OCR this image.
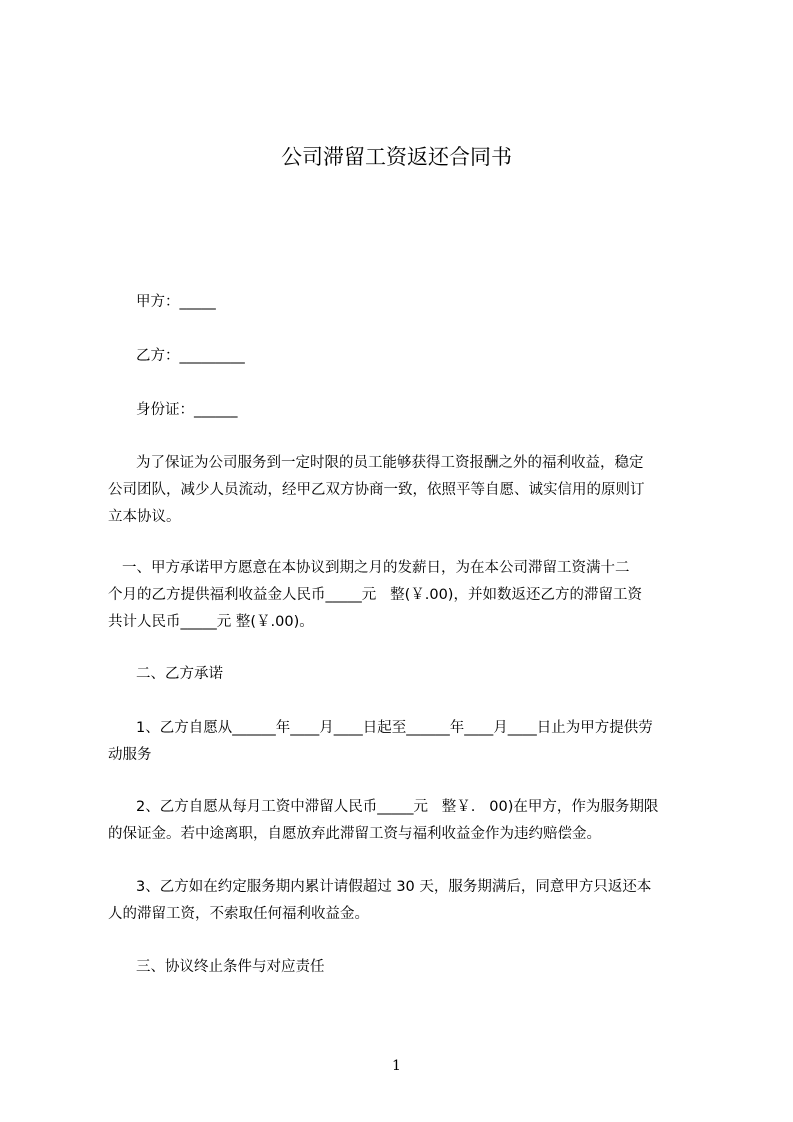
公司滞留工资返还合同书
甲方：_____
乙方：_________
身份证：______
为了保证为公司服务到一定时限的员工能够获得工资报酬之外的福利收益，稳定
公司团队，减少人员流动，经甲乙双方协商一致，依照平等自愿、诚实信用的原则订
立本协议。
一、甲方承诺甲方愿意在本协议到期之月的发薪日，为在本公司滞留工资满十二
个月的乙方提供福利收益金人民币_____元   整(￥.00)，并如数返还乙方的滞留工资
共计人民币_____元 整(￥.00)。
二、乙方承诺
1、乙方自愿从______年____月____日起至______年____月____日止为甲方提供劳
动服务
2、乙方自愿从每月工资中滞留人民币_____元   整￥.   00)在甲方，作为服务期限
的保证金。若中途离职，自愿放弃此滞留工资与福利收益金作为违约赔偿金。
3、乙方如在约定服务期内累计请假超过 30 天，服务期满后，同意甲方只返还本
人的滞留工资，不索取任何福利收益金。
三、协议终止条件与对应责任
1
